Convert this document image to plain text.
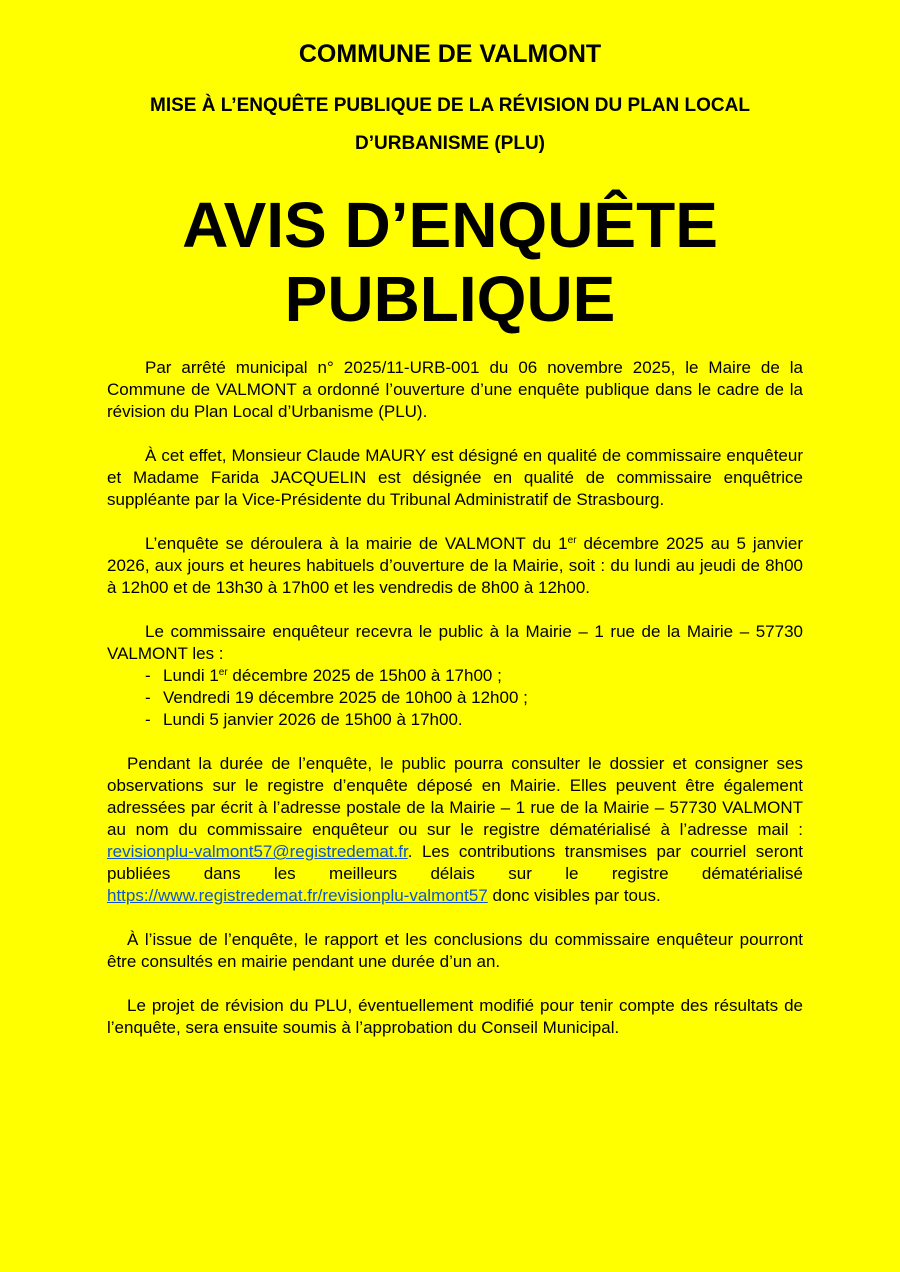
COMMUNE DE VALMONT
MISE À L’ENQUÊTE PUBLIQUE DE LA RÉVISION DU PLAN LOCAL
D’URBANISME (PLU)
AVIS D’ENQUÊTE
PUBLIQUE

Par arrêté municipal n° 2025/11-URB-001 du 06 novembre 2025, le Maire de la Commune de VALMONT a ordonné l’ouverture d’une enquête publique dans le cadre de la révision du Plan Local d’Urbanisme (PLU).

À cet effet, Monsieur Claude MAURY est désigné en qualité de commissaire enquêteur et Madame Farida JACQUELIN est désignée en qualité de commissaire enquêtrice suppléante par la Vice-Présidente du Tribunal Administratif de Strasbourg.

L’enquête se déroulera à la mairie de VALMONT du 1er décembre 2025 au 5 janvier 2026, aux jours et heures habituels d’ouverture de la Mairie, soit : du lundi au jeudi de 8h00 à 12h00 et de 13h30 à 17h00 et les vendredis de 8h00 à 12h00.

Le commissaire enquêteur recevra le public à la Mairie – 1 rue de la Mairie – 57730 VALMONT les :

- Lundi 1er décembre 2025 de 15h00 à 17h00 ;
- Vendredi 19 décembre 2025 de 10h00 à 12h00 ;
- Lundi 5 janvier 2026 de 15h00 à 17h00.

Pendant la durée de l’enquête, le public pourra consulter le dossier et consigner ses observations sur le registre d’enquête déposé en Mairie. Elles peuvent être également adressées par écrit à l’adresse postale de la Mairie – 1 rue de la Mairie – 57730 VALMONT au nom du commissaire enquêteur ou sur le registre dématérialisé à l’adresse mail : revisionplu-valmont57@registredemat.fr. Les contributions transmises par courriel seront publiées dans les meilleurs délais sur le registre dématérialisé https://www.registredemat.fr/revisionplu-valmont57 donc visibles par tous.

À l’issue de l’enquête, le rapport et les conclusions du commissaire enquêteur pourront être consultés en mairie pendant une durée d’un an.

Le projet de révision du PLU, éventuellement modifié pour tenir compte des résultats de l’enquête, sera ensuite soumis à l’approbation du Conseil Municipal.
